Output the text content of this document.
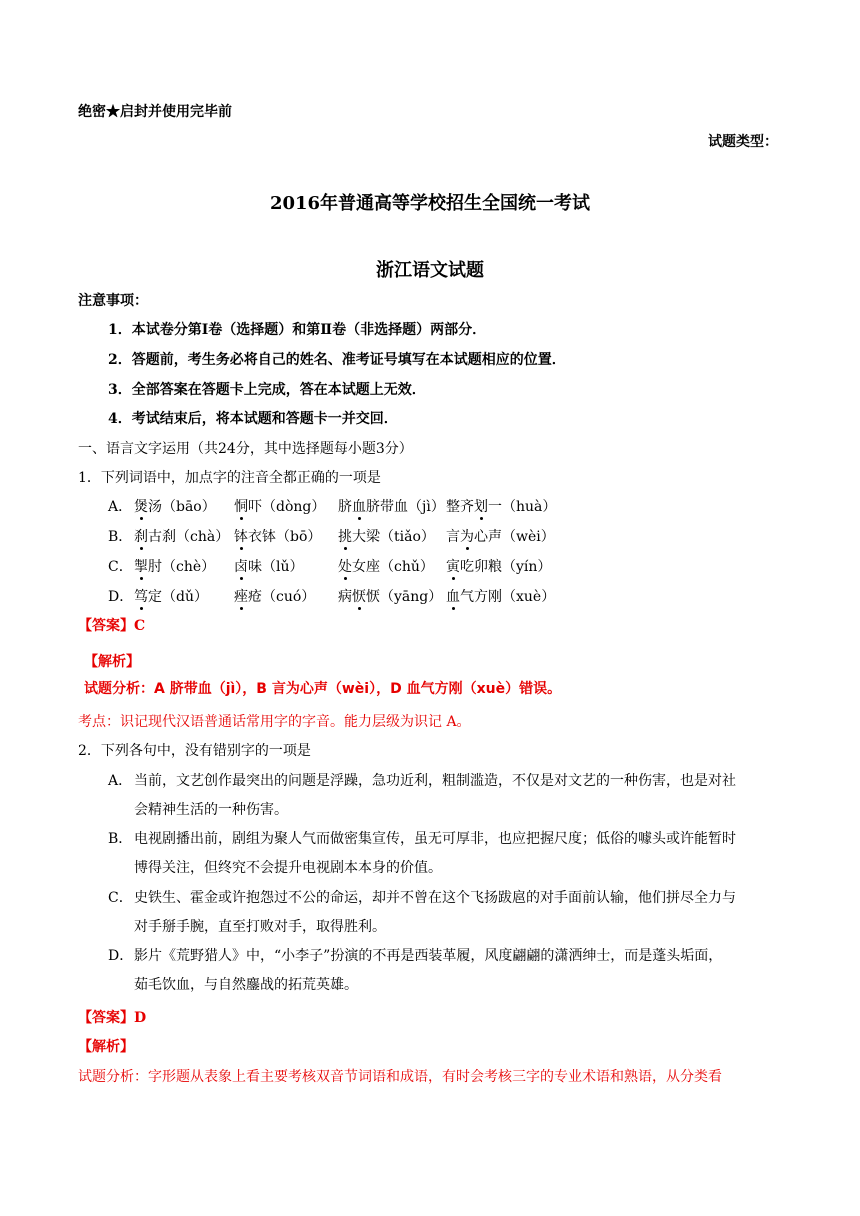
绝密★启封并使用完毕前
试题类型：
2016年普通高等学校招生全国统一考试
浙江语文试题
注意事项：
1．本试卷分第Ⅰ卷（选择题）和第Ⅱ卷（非选择题）两部分．
2．答题前，考生务必将自己的姓名、准考证号填写在本试题相应的位置．
3．全部答案在答题卡上完成，答在本试题上无效．
4．考试结束后，将本试题和答题卡一并交回．
一、语言文字运用（共24分，其中选择题每小题3分）
1．下列词语中，加点字的注音全都正确的一项是
A． 煲汤（bāo） 恫吓（dòng） 脐血脐带血（jì） 整齐划一（huà）
B． 刹古刹（chà） 钵衣钵（bō） 挑大梁（tiǎo） 言为心声（wèi）
C． 掣肘（chè） 卤味（lǔ） 处女座（chǔ） 寅吃卯粮（yín）
D． 笃定（dǔ） 痤疮（cuó） 病恹恹（yāng） 血气方刚（xuè）
【答案】C
【解析】
试题分析：A 脐带血（jì），B 言为心声（wèi），D 血气方刚（xuè）错误。
考点：识记现代汉语普通话常用字的字音。能力层级为识记 A。
2．下列各句中，没有错别字的一项是
A． 当前，文艺创作最突出的问题是浮躁，急功近利，粗制滥造，不仅是对文艺的一种伤害，也是对社
会精神生活的一种伤害。
B． 电视剧播出前，剧组为聚人气而做密集宣传，虽无可厚非，也应把握尺度；低俗的噱头或许能暂时
博得关注，但终究不会提升电视剧本本身的价值。
C． 史铁生、霍金或许抱怨过不公的命运，却并不曾在这个飞扬跋扈的对手面前认输，他们拼尽全力与
对手掰手腕，直至打败对手，取得胜利。
D． 影片《荒野猎人》中，“小李子”扮演的不再是西装革履，风度翩翩的潇洒绅士，而是蓬头垢面，
茹毛饮血，与自然鏖战的拓荒英雄。
【答案】D
【解析】
试题分析：字形题从表象上看主要考核双音节词语和成语，有时会考核三字的专业术语和熟语，从分类看
